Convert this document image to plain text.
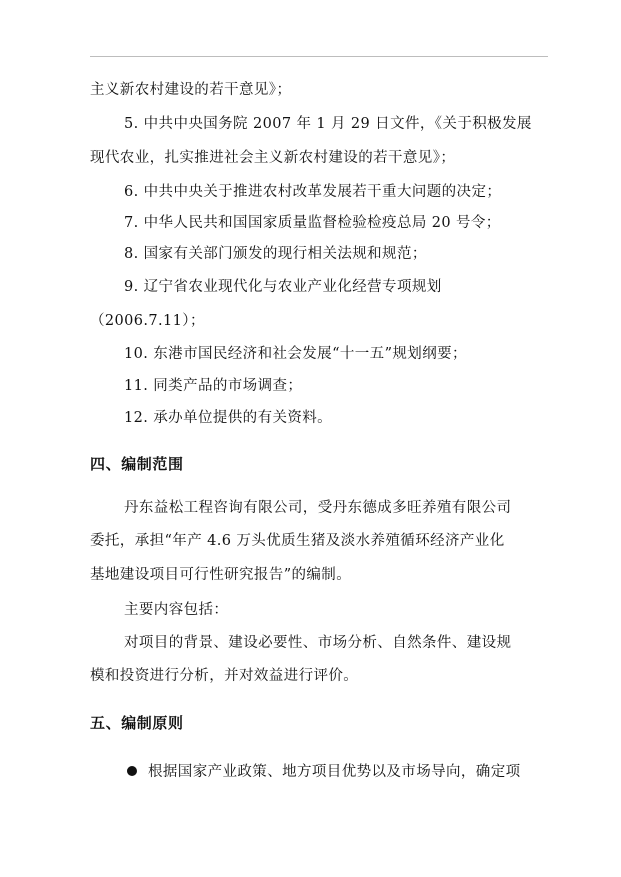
主义新农村建设的若干意见》；
5. 中共中央国务院 2007 年 1 月 29 日文件，《关于积极发展
现代农业，扎实推进社会主义新农村建设的若干意见》；
6. 中共中央关于推进农村改革发展若干重大问题的决定；
7. 中华人民共和国国家质量监督检验检疫总局 20 号令；
8. 国家有关部门颁发的现行相关法规和规范；
9. 辽宁省农业现代化与农业产业化经营专项规划
（2006.7.11）；
10. 东港市国民经济和社会发展“十一五”规划纲要；
11. 同类产品的市场调查；
12. 承办单位提供的有关资料。
四、编制范围
丹东益松工程咨询有限公司，受丹东德成多旺养殖有限公司
委托，承担“年产 4.6 万头优质生猪及淡水养殖循环经济产业化
基地建设项目可行性研究报告”的编制。
主要内容包括：
对项目的背景、建设必要性、市场分析、自然条件、建设规
模和投资进行分析，并对效益进行评价。
五、编制原则
根据国家产业政策、地方项目优势以及市场导向，确定项
